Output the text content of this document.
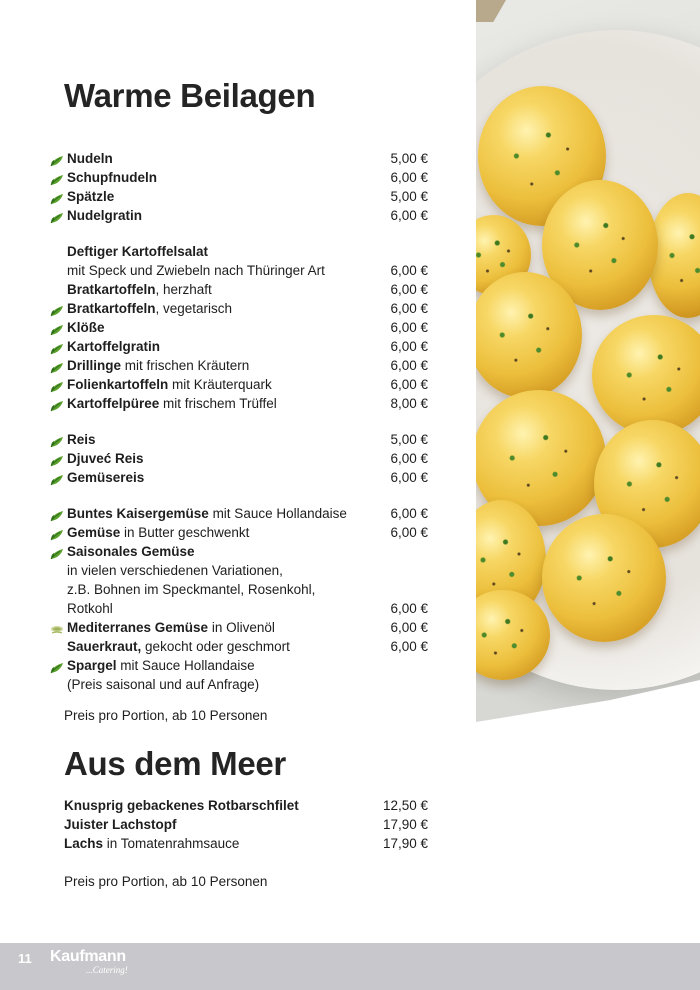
Warme Beilagen
Nudeln	5,00 €
Schupfnudeln	6,00 €
Spätzle	5,00 €
Nudelgratin	6,00 €
Deftiger Kartoffelsalat
mit Speck und Zwiebeln nach Thüringer Art	6,00 €
Bratkartoffeln, herzhaft	6,00 €
Bratkartoffeln, vegetarisch	6,00 €
Klöße	6,00 €
Kartoffelgratin	6,00 €
Drillinge mit frischen Kräutern	6,00 €
Folienkartoffeln mit Kräuterquark	6,00 €
Kartoffelpüree mit frischem Trüffel	8,00 €
Reis	5,00 €
Djuveć Reis	6,00 €
Gemüsereis	6,00 €
Buntes Kaisergemüse mit Sauce Hollandaise	6,00 €
Gemüse in Butter geschwenkt	6,00 €
Saisonales Gemüse
in vielen verschiedenen Variationen,
z.B. Bohnen im Speckmantel, Rosenkohl,
Rotkohl	6,00 €
Mediterranes Gemüse in Olivenöl	6,00 €
Sauerkraut, gekocht oder geschmort	6,00 €
Spargel mit Sauce Hollandaise
(Preis saisonal und auf Anfrage)
Preis pro Portion, ab 10 Personen
Aus dem Meer
Knusprig gebackenes Rotbarschfilet	12,50 €
Juister Lachstopf	17,90 €
Lachs in Tomatenrahmsauce	17,90 €
Preis pro Portion, ab 10 Personen
11 Kaufmann
...Catering!
